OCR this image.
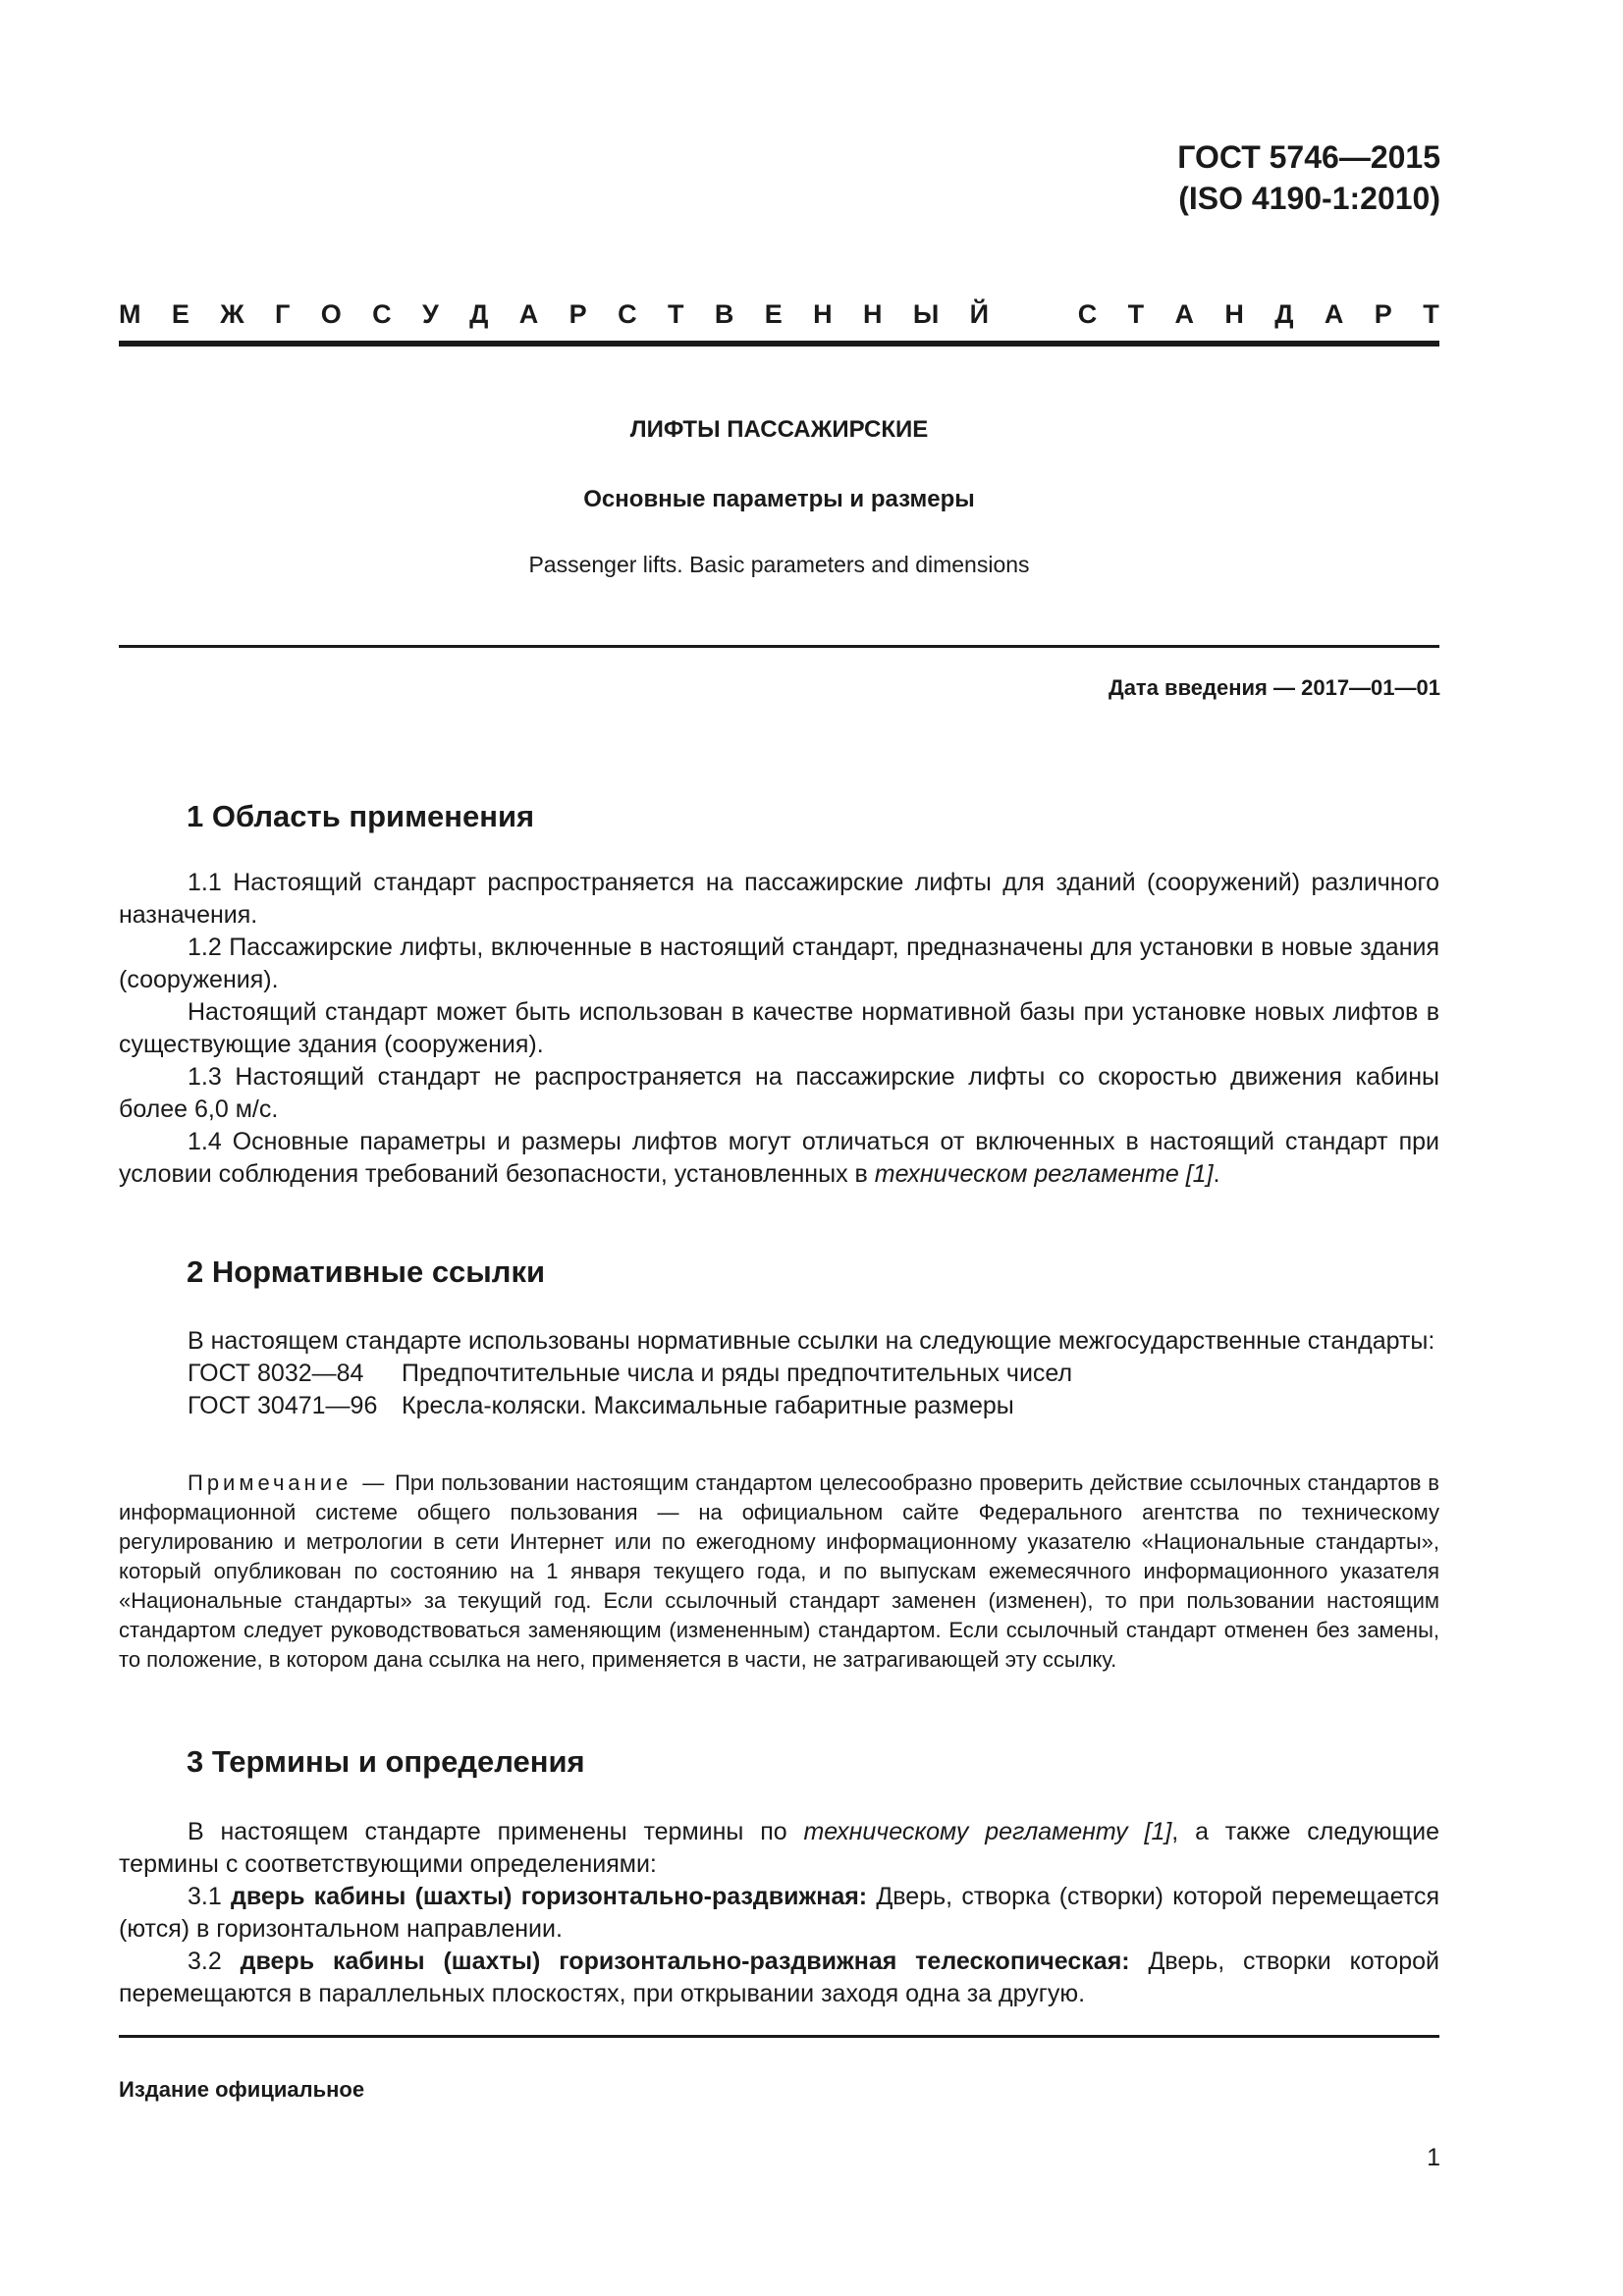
ГОСТ 5746—2015
(ISO 4190-1:2010)
М Е Ж Г О С У Д А Р С Т В Е Н Н Ы Й	С Т А Н Д А Р Т
ЛИФТЫ ПАССАЖИРСКИЕ
Основные параметры и размеры
Passenger lifts. Basic parameters and dimensions
Дата введения — 2017—01—01
1 Область применения

1.1 Настоящий стандарт распространяется на пассажирские лифты для зданий (сооружений) различного назначения.

1.2 Пассажирские лифты, включенные в настоящий стандарт, предназначены для установки в новые здания (сооружения).

Настоящий стандарт может быть использован в качестве нормативной базы при установке новых лифтов в существующие здания (сооружения).

1.3 Настоящий стандарт не распространяется на пассажирские лифты со скоростью движения кабины более 6,0 м/с.

1.4 Основные параметры и размеры лифтов могут отличаться от включенных в настоящий стандарт при условии соблюдения требований безопасности, установленных в техническом регламенте [1].

2 Нормативные ссылки

В настоящем стандарте использованы нормативные ссылки на следующие межгосударственные стандарты:

ГОСТ 8032—84 Предпочтительные числа и ряды предпочтительных чисел

ГОСТ 30471—96 Кресла-коляски. Максимальные габаритные размеры

Примечание — При пользовании настоящим стандартом целесообразно проверить действие ссылочных стандартов в информационной системе общего пользования — на официальном сайте Федерального агентства по техническому регулированию и метрологии в сети Интернет или по ежегодному информационному указателю «Национальные стандарты», который опубликован по состоянию на 1 января текущего года, и по выпускам ежемесячного информационного указателя «Национальные стандарты» за текущий год. Если ссылочный стандарт заменен (изменен), то при пользовании настоящим стандартом следует руководствоваться заменяющим (измененным) стандартом. Если ссылочный стандарт отменен без замены, то положение, в котором дана ссылка на него, применяется в части, не затрагивающей эту ссылку.
3 Термины и определения

В настоящем стандарте применены термины по техническому регламенту [1], а также следующие термины с соответствующими определениями:

3.1 дверь кабины (шахты) горизонтально-раздвижная: Дверь, створка (створки) которой перемещается (ются) в горизонтальном направлении.

3.2 дверь кабины (шахты) горизонтально-раздвижная телескопическая: Дверь, створки которой перемещаются в параллельных плоскостях, при открывании заходя одна за другую.

Издание официальное
1
